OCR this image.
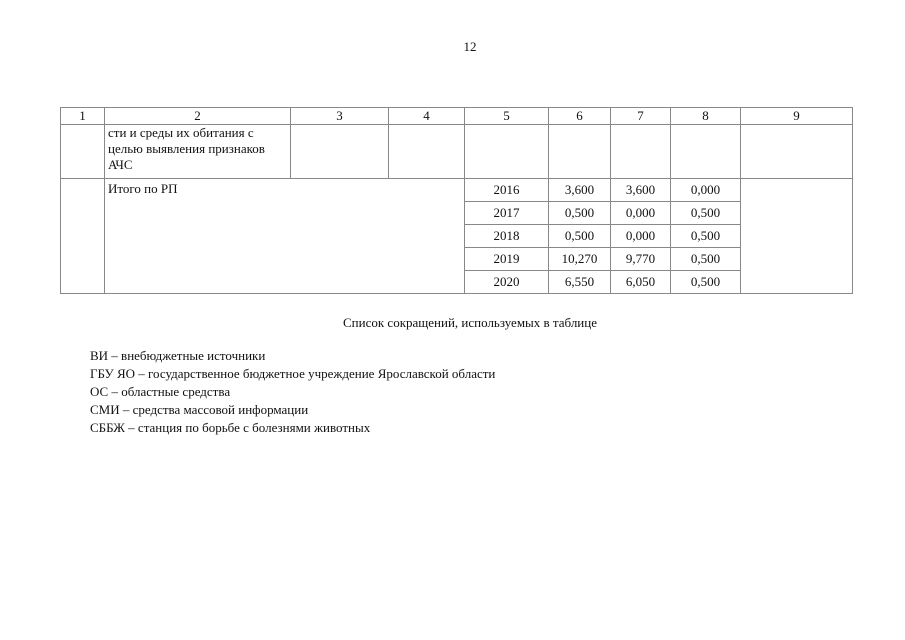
12
1	2	3	4	5	6	7	8	9
	сти и среды их обитания с целью выявления признаков АЧС							
	Итого по РП			2016	3,600	3,600	0,000	
				2017	0,500	0,000	0,500	
				2018	0,500	0,000	0,500	
				2019	10,270	9,770	0,500	
				2020	6,550	6,050	0,500	
Список сокращений, используемых в таблице
ВИ – внебюджетные источники
ГБУ ЯО – государственное бюджетное учреждение Ярославской области
ОС – областные средства
СМИ – средства массовой информации
СББЖ – станция по борьбе с болезнями животных
